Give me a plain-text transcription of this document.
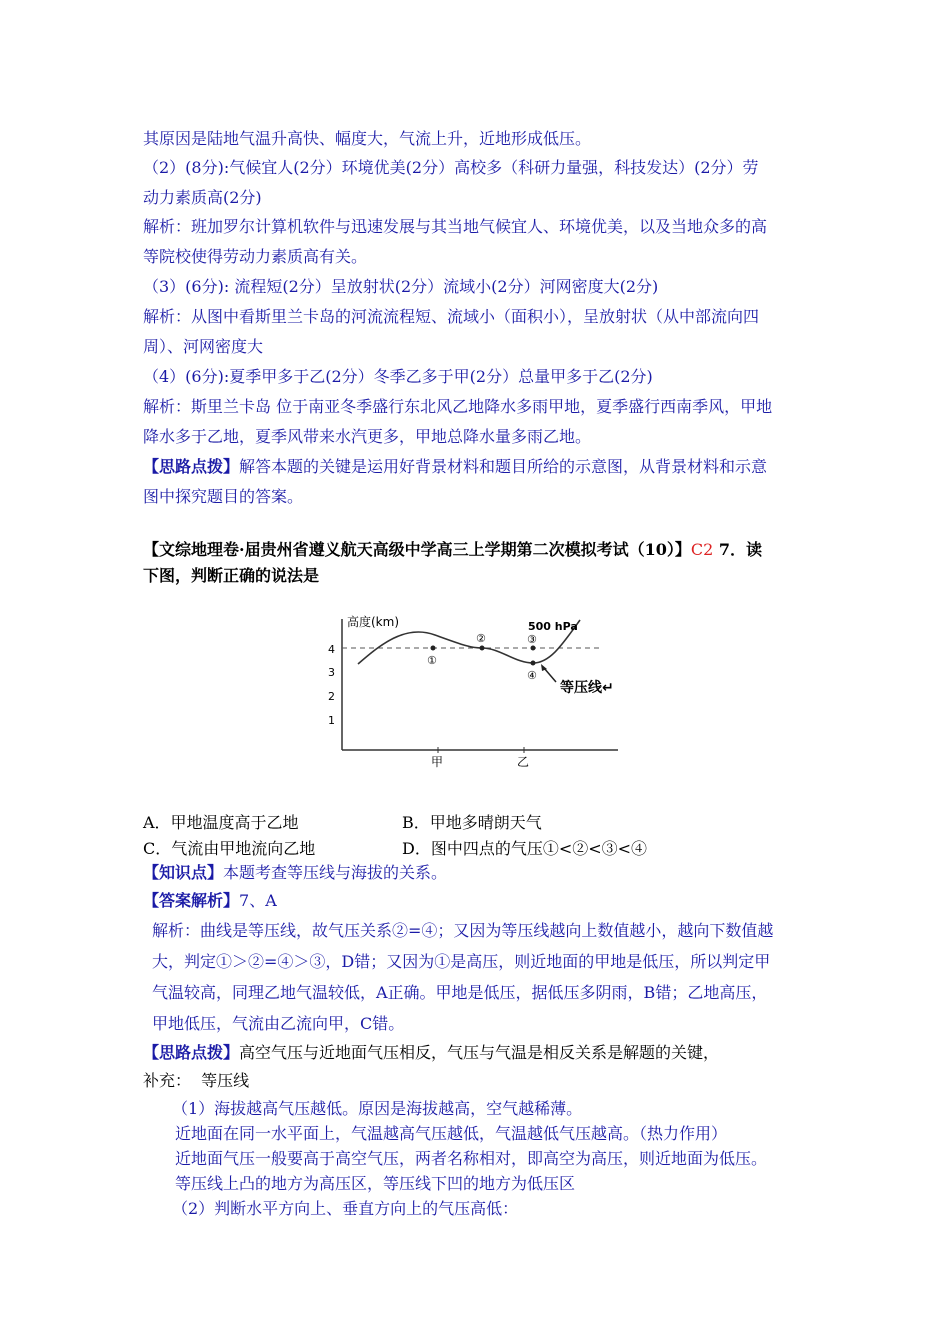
其原因是陆地气温升高快、幅度大，气流上升，近地形成低压。
（2）(8分):气候宜人(2分）环境优美(2分）高校多（科研力量强，科技发达）(2分）劳
动力素质高(2分)
解析：班加罗尔计算机软件与迅速发展与其当地气候宜人、环境优美，以及当地众多的高
等院校使得劳动力素质高有关。
（3）(6分): 流程短(2分）呈放射状(2分）流域小(2分）河网密度大(2分)
解析：从图中看斯里兰卡岛的河流流程短、流域小（面积小），呈放射状（从中部流向四
周）、河网密度大
（4）(6分):夏季甲多于乙(2分）冬季乙多于甲(2分）总量甲多于乙(2分)
解析：斯里兰卡岛 位于南亚冬季盛行东北风乙地降水多雨甲地，夏季盛行西南季风，甲地
降水多于乙地，夏季风带来水汽更多，甲地总降水量多雨乙地。
【思路点拨】解答本题的关键是运用好背景材料和题目所给的示意图，从背景材料和示意
图中探究题目的答案。
【文综地理卷·届贵州省遵义航天高级中学高三上学期第二次模拟考试（10）】C2 7．读
下图，判断正确的说法是
高度(km)
4
3
2
1
500 hPa
①
②	③
④
等压线↵
甲	乙
A．甲地温度高于乙地	B．甲地多晴朗天气
C．气流由甲地流向乙地	D．图中四点的气压①<②<③<④
【知识点】本题考查等压线与海拔的关系。
【答案解析】7、A
解析：曲线是等压线，故气压关系②=④；又因为等压线越向上数值越小，越向下数值越
大，判定①＞②=④＞③，D错；又因为①是高压，则近地面的甲地是低压，所以判定甲
气温较高，同理乙地气温较低，A正确。甲地是低压，据低压多阴雨，B错；乙地高压，
甲地低压，气流由乙流向甲，C错。
【思路点拨】高空气压与近地面气压相反，气压与气温是相反关系是解题的关键，
补充：  等压线
（1）海拔越高气压越低。原因是海拔越高，空气越稀薄。
近地面在同一水平面上，气温越高气压越低，气温越低气压越高。（热力作用）
近地面气压一般要高于高空气压，两者名称相对，即高空为高压，则近地面为低压。
等压线上凸的地方为高压区，等压线下凹的地方为低压区
（2）判断水平方向上、垂直方向上的气压高低：
